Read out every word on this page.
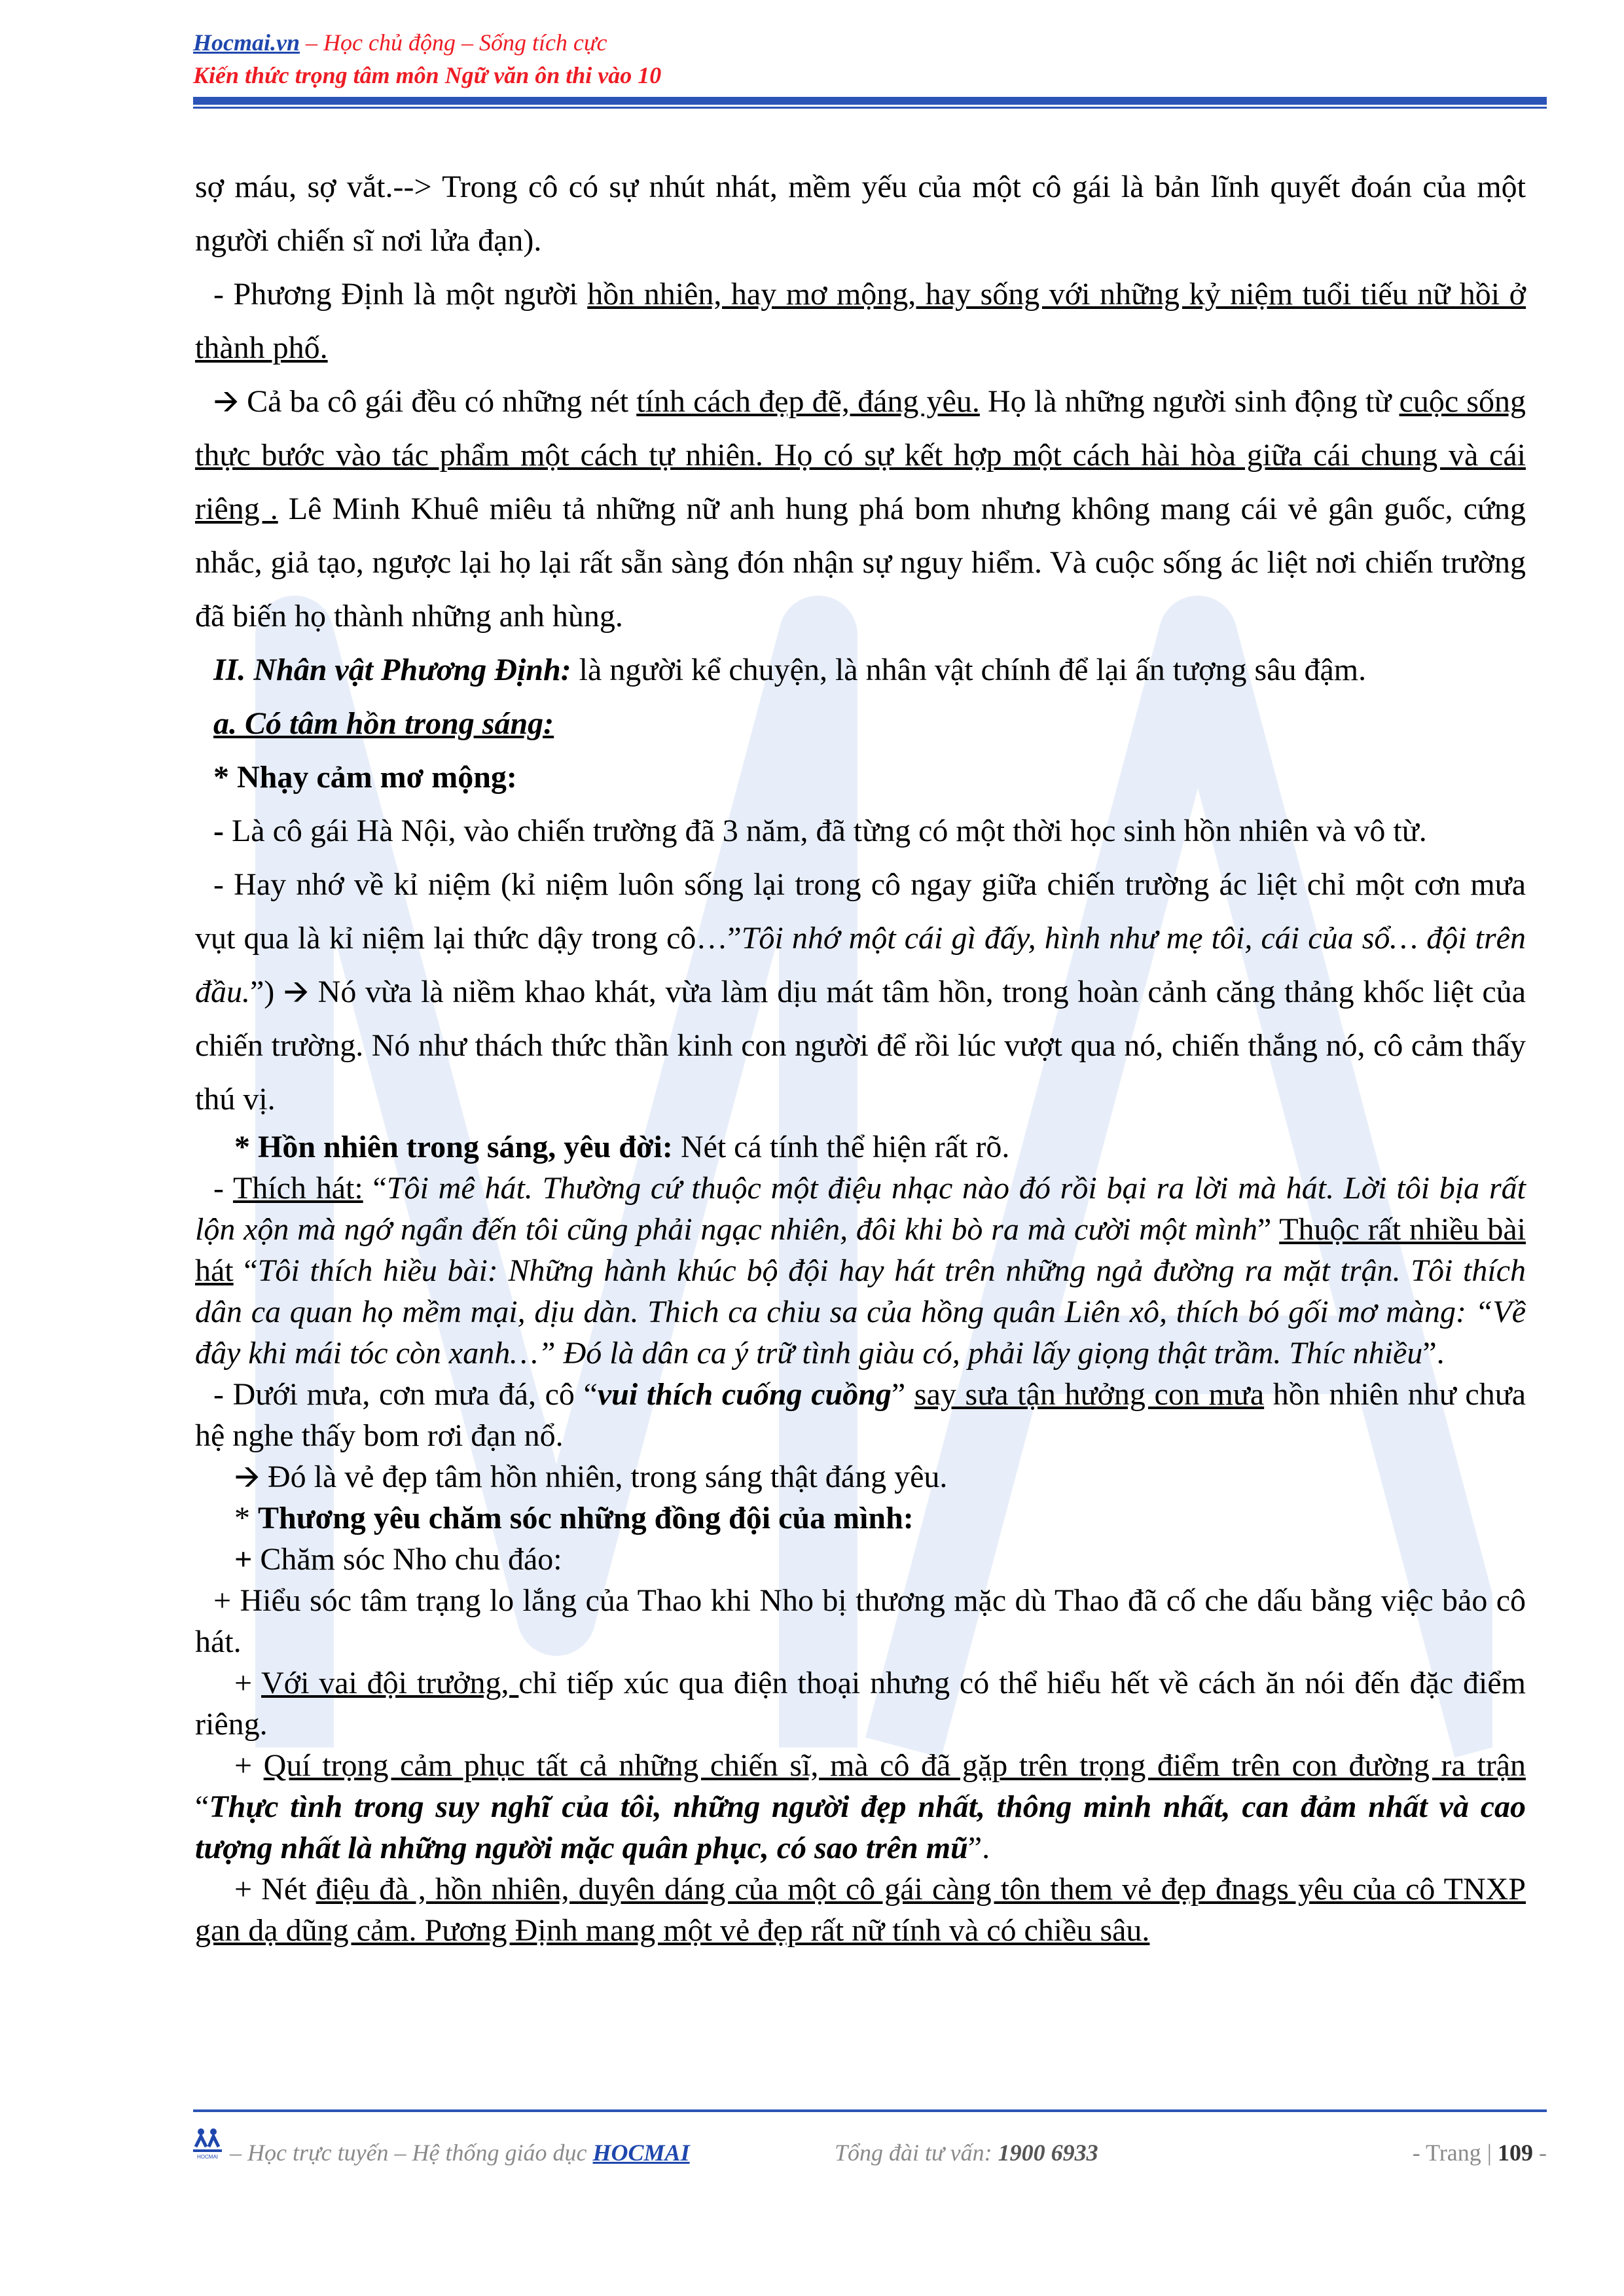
Hocmai.vn – Học chủ động – Sống tích cực
Kiến thức trọng tâm môn Ngữ văn ôn thi vào 10

sợ máu, sợ vắt.--> Trong cô có sự nhút nhát, mềm yếu của một cô gái là bản lĩnh quyết đoán của một người chiến sĩ nơi lửa đạn).

- Phương Định là một người hồn nhiên, hay mơ mộng, hay sống với những kỷ niệm tuổi tiếu nữ hồi ở thành phố.

🡪 Cả ba cô gái đều có những nét tính cách đẹp đẽ, đáng yêu. Họ là những người sinh động từ cuộc sống thực bước vào tác phẩm một cách tự nhiên. Họ có sự kết hợp một cách hài hòa giữa cái chung và cái riêng . Lê Minh Khuê miêu tả những nữ anh hung phá bom nhưng không mang cái vẻ gân guốc, cứng nhắc, giả tạo, ngược lại họ lại rất sẵn sàng đón nhận sự nguy hiểm. Và cuộc sống ác liệt nơi chiến trường đã biến họ thành những anh hùng.

II. Nhân vật Phương Định: là người kể chuyện, là nhân vật chính để lại ấn tượng sâu đậm.

a. Có tâm hồn trong sáng:

* Nhạy cảm mơ mộng:

- Là cô gái Hà Nội, vào chiến trường đã 3 năm, đã từng có một thời học sinh hồn nhiên và vô từ.

- Hay nhớ về kỉ niệm (kỉ niệm luôn sống lại trong cô ngay giữa chiến trường ác liệt chỉ một cơn mưa vụt qua là kỉ niệm lại thức dậy trong cô…”Tôi nhớ một cái gì đấy, hình như mẹ tôi, cái của sổ… đội trên đầu.”) 🡪 Nó vừa là niềm khao khát, vừa làm dịu mát tâm hồn, trong hoàn cảnh căng thảng khốc liệt của chiến trường. Nó như thách thức thần kinh con người để rồi lúc vượt qua nó, chiến thắng nó, cô cảm thấy thú vị.

* Hồn nhiên trong sáng, yêu đời: Nét cá tính thể hiện rất rõ.

- Thích hát: “Tôi mê hát. Thường cứ thuộc một điệu nhạc nào đó rồi bại ra lời mà hát. Lời tôi bịa rất lộn xộn mà ngớ ngẩn đến tôi cũng phải ngạc nhiên, đôi khi bò ra mà cười một mình” Thuộc rất nhiều bài hát “Tôi thích hiều bài: Những hành khúc bộ đội hay hát trên những ngả đường ra mặt trận. Tôi thích dân ca quan họ mềm mại, dịu dàn. Thich ca chiu sa của hồng quân Liên xô, thích bó gối mơ màng: “Về đây khi mái tóc còn xanh…” Đó là dân ca ý trữ tình giàu có, phải lấy giọng thật trầm. Thíc nhiều”.

- Dưới mưa, cơn mưa đá, cô “vui thích cuống cuồng” say sưa tận hưởng con mưa hồn nhiên như chưa hệ nghe thấy bom rơi đạn nổ.

🡪 Đó là vẻ đẹp tâm hồn nhiên, trong sáng thật đáng yêu.

* Thương yêu chăm sóc những đồng đội của mình:

+ Chăm sóc Nho chu đáo:

+ Hiểu sóc tâm trạng lo lắng của Thao khi Nho bị thương mặc dù Thao đã cố che dấu bằng việc bảo cô hát.

+ Với vai đội trưởng, chỉ tiếp xúc qua điện thoại nhưng có thể hiểu hết về cách ăn nói đến đặc điểm riêng.

+ Quí trọng cảm phục tất cả những chiến sĩ, mà cô đã gặp trên trọng điểm trên con đường ra trận “Thực tình trong suy nghĩ của tôi, những người đẹp nhất, thông minh nhất, can đảm nhất và cao tượng nhất là những người mặc quân phục, có sao trên mũ”.

+ Nét điệu đà , hồn nhiên, duyên dáng của một cô gái càng tôn them vẻ đẹp đnags yêu của cô TNXP gan dạ dũng cảm. Pương Định mang một vẻ đẹp rất nữ tính và có chiều sâu.

HOCMAI – Học trực tuyến – Hệ thống giáo dục HOCMAI	Tổng đài tư vấn: 1900 6933	- Trang | 109 -
